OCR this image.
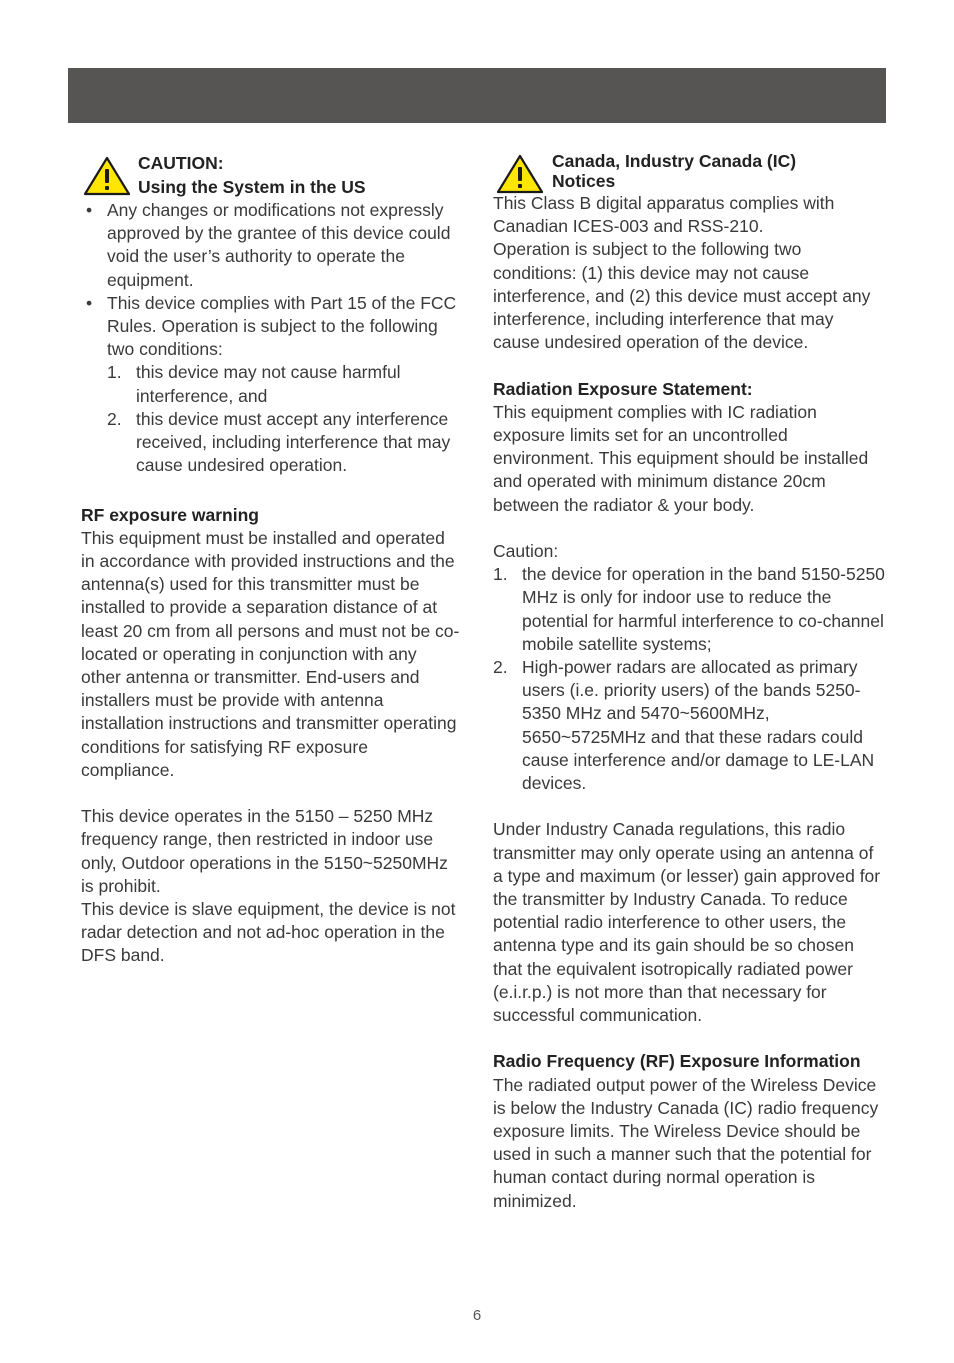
CAUTION:
Using the System in the US
• Any changes or modifications not expressly approved by the grantee of this device could void the user’s authority to operate the equipment.
• This device complies with Part 15 of the FCC Rules. Operation is subject to the following two conditions:
1. this device may not cause harmful interference, and
2. this device must accept any interference received, including interference that may cause undesired operation.

RF exposure warning

This equipment must be installed and operated in accordance with provided instructions and the antenna(s) used for this transmitter must be installed to provide a separation distance of at least 20 cm from all persons and must not be co-located or operating in conjunction with any other antenna or transmitter. End-users and installers must be provide with antenna installation instructions and transmitter operating conditions for satisfying RF exposure compliance.

This device operates in the 5150 – 5250 MHz frequency range, then restricted in indoor use only, Outdoor operations in the 5150~5250MHz is prohibit.

This device is slave equipment, the device is not radar detection and not ad-hoc operation in the DFS band.

Canada, Industry Canada (IC)
Notices

This Class B digital apparatus complies with Canadian ICES-003 and RSS-210.

Operation is subject to the following two conditions: (1) this device may not cause interference, and (2) this device must accept any interference, including interference that may cause undesired operation of the device.

Radiation Exposure Statement:

This equipment complies with IC radiation exposure limits set for an uncontrolled environment. This equipment should be installed and operated with minimum distance 20cm between the radiator & your body.

Caution:

1. the device for operation in the band 5150-5250 MHz is only for indoor use to reduce the potential for harmful interference to co-channel mobile satellite systems;
2. High-power radars are allocated as primary users (i.e. priority users) of the bands 5250-5350 MHz and 5470~5600MHz, 5650~5725MHz and that these radars could cause interference and/or damage to LE-LAN devices.

Under Industry Canada regulations, this radio transmitter may only operate using an antenna of a type and maximum (or lesser) gain approved for the transmitter by Industry Canada. To reduce potential radio interference to other users, the antenna type and its gain should be so chosen that the equivalent isotropically radiated power (e.i.r.p.) is not more than that necessary for successful communication.

Radio Frequency (RF) Exposure Information

The radiated output power of the Wireless Device is below the Industry Canada (IC) radio frequency exposure limits. The Wireless Device should be used in such a manner such that the potential for human contact during normal operation is minimized.

6
